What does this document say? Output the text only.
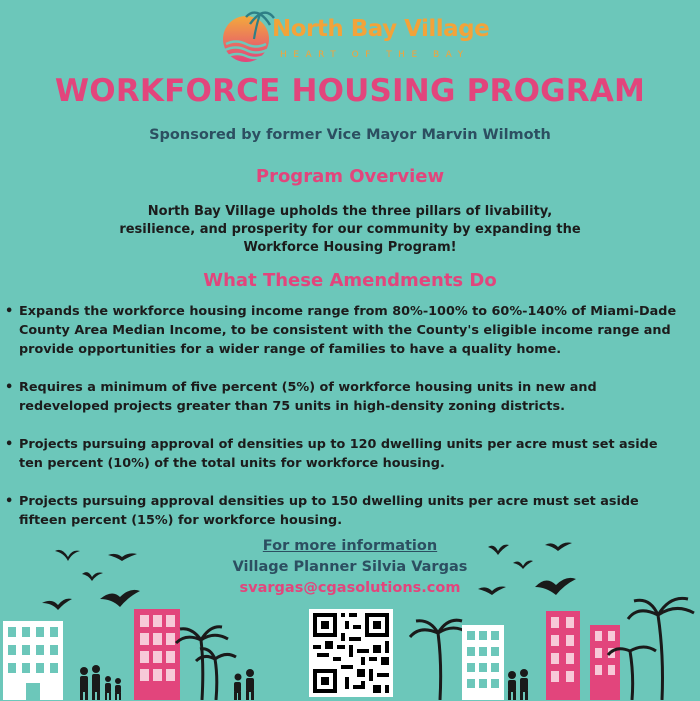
North Bay Village

HEART OF THE BAY

WORKFORCE HOUSING PROGRAM

Sponsored by former Vice Mayor Marvin Wilmoth

Program Overview

North Bay Village upholds the three pillars of livability, resilience, and prosperity for our community by expanding the Workforce Housing Program!

What These Amendments Do
• Expands the workforce housing income range from 80%-100% to 60%-140% of Miami-Dade County Area Median Income, to be consistent with the County's eligible income range and provide opportunities for a wider range of families to have a quality home.
• Requires a minimum of five percent (5%) of workforce housing units in new and redeveloped projects greater than 75 units in high-density zoning districts.
• Projects pursuing approval of densities up to 120 dwelling units per acre must set aside ten percent (10%) of the total units for workforce housing.
• Projects pursuing approval densities up to 150 dwelling units per acre must set aside fifteen percent (15%) for workforce housing.

For more information

Village Planner Silvia Vargas

svargas@cgasolutions.com
